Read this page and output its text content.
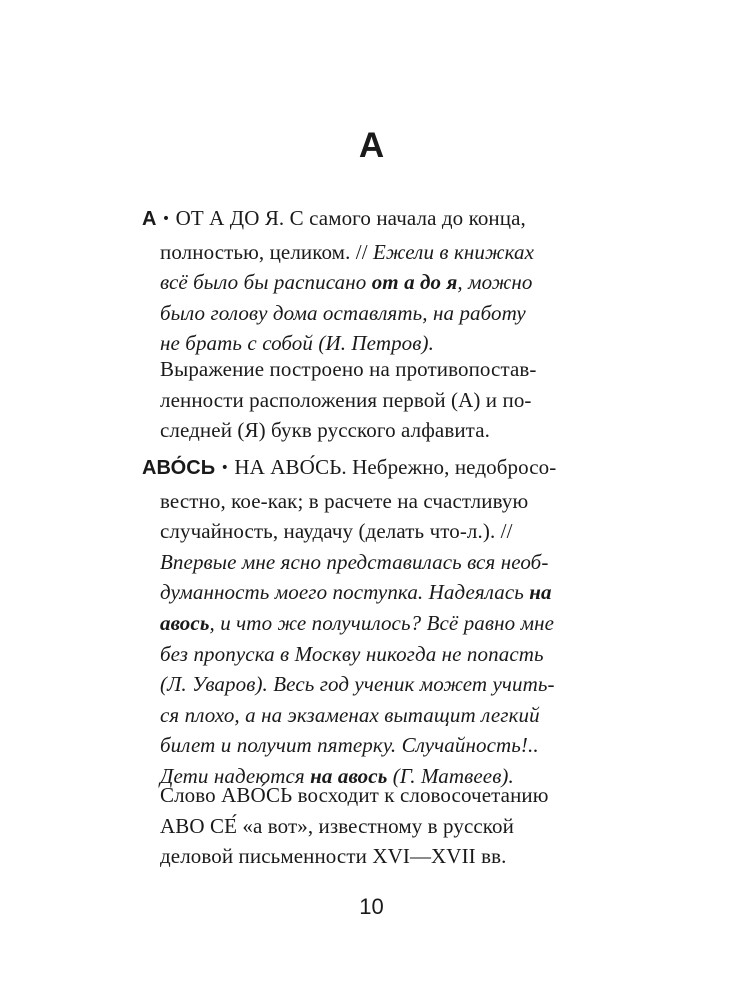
А
А • ОТ А ДО Я. С самого начала до конца,
полностью, целиком. // Ежели в книжках
всё было бы расписано от а до я, можно
было голову дома оставлять, на работу
не брать с собой (И. Петров).
Выражение построено на противопостав-
ленности расположения первой (А) и по-
следней (Я) букв русского алфавита.
АВО́СЬ • НА АВО́СЬ. Небрежно, недобросо-
вестно, кое-как; в расчете на счастливую
случайность, наудачу (делать что-л.). //
Впервые мне ясно представилась вся необ-
думанность моего поступка. Надеялась на
авось, и что же получилось? Всё равно мне
без пропуска в Москву никогда не попасть
(Л. Уваров). Весь год ученик может учить-
ся плохо, а на экзаменах вытащит легкий
билет и получит пятерку. Случайность!..
Дети надеются на авось (Г. Матвеев).
Слово АВО́СЬ восходит к словосочетанию
АВО СЕ́ «а вот», известному в русской
деловой письменности XVI—XVII вв.
10
